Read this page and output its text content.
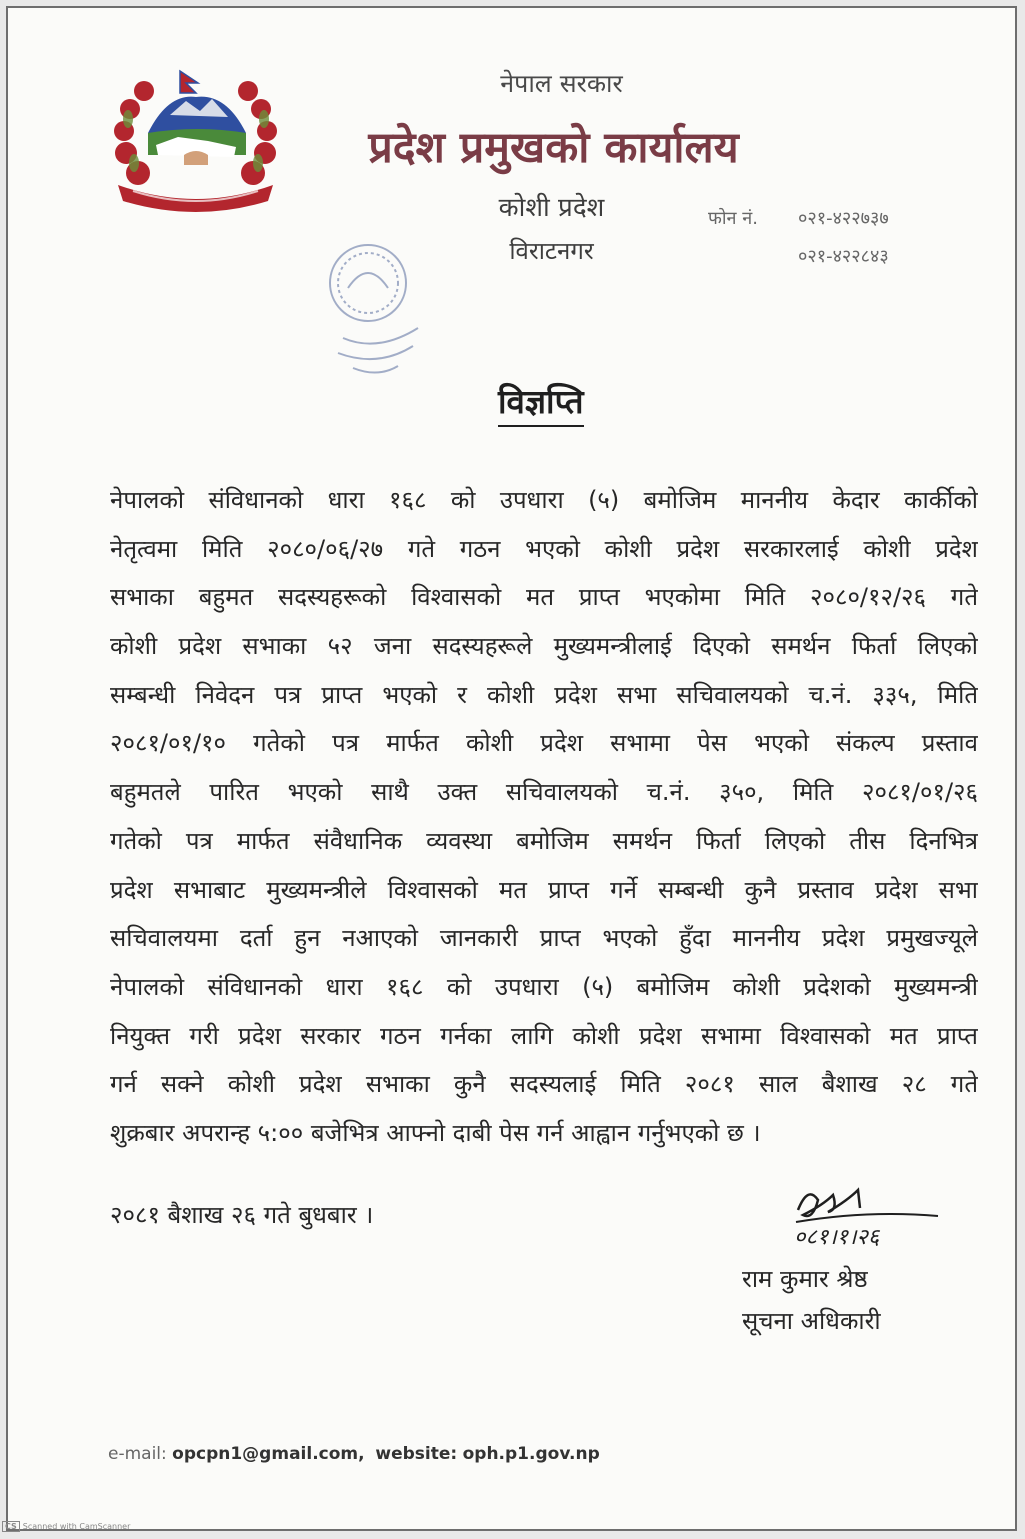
नेपाल सरकार
प्रदेश प्रमुखको कार्यालय
कोशी प्रदेश
विराटनगर
फोन नं. ०२१-४२२७३७
०२१-४२२८४३
विज्ञप्ति
नेपालको संविधानको धारा १६८ को उपधारा (५) बमोजिम माननीय केदार कार्कीको
नेतृत्वमा मिति २०८०/०६/२७ गते गठन भएको कोशी प्रदेश सरकारलाई कोशी प्रदेश
सभाका बहुमत सदस्यहरूको विश्वासको मत प्राप्त भएकोमा मिति २०८०/१२/२६ गते
कोशी प्रदेश सभाका ५२ जना सदस्यहरूले मुख्यमन्त्रीलाई दिएको समर्थन फिर्ता लिएको
सम्बन्धी निवेदन पत्र प्राप्त भएको र कोशी प्रदेश सभा सचिवालयको च.नं. ३३५, मिति
२०८१/०१/१० गतेको पत्र मार्फत कोशी प्रदेश सभामा पेस भएको संकल्प प्रस्ताव
बहुमतले पारित भएको साथै उक्त सचिवालयको च.नं. ३५०, मिति २०८१/०१/२६
गतेको पत्र मार्फत संवैधानिक व्यवस्था बमोजिम समर्थन फिर्ता लिएको तीस दिनभित्र
प्रदेश सभाबाट मुख्यमन्त्रीले विश्वासको मत प्राप्त गर्ने सम्बन्धी कुनै प्रस्ताव प्रदेश सभा
सचिवालयमा दर्ता हुन नआएको जानकारी प्राप्त भएको हुँदा माननीय प्रदेश प्रमुखज्यूले
नेपालको संविधानको धारा १६८ को उपधारा (५) बमोजिम कोशी प्रदेशको मुख्यमन्त्री
नियुक्त गरी प्रदेश सरकार गठन गर्नका लागि कोशी प्रदेश सभामा विश्वासको मत प्राप्त
गर्न सक्ने कोशी प्रदेश सभाका कुनै सदस्यलाई मिति २०८१ साल बैशाख २८ गते
शुक्रबार अपरान्ह ५:०० बजेभित्र आफ्नो दाबी पेस गर्न आह्वान गर्नुभएको छ ।
२०८१ बैशाख २६ गते बुधबार ।
०८१।१।२६
राम कुमार श्रेष्ठ
सूचना अधिकारी
e-mail: opcpn1@gmail.com, website: oph.p1.gov.np
CS Scanned with CamScanner
